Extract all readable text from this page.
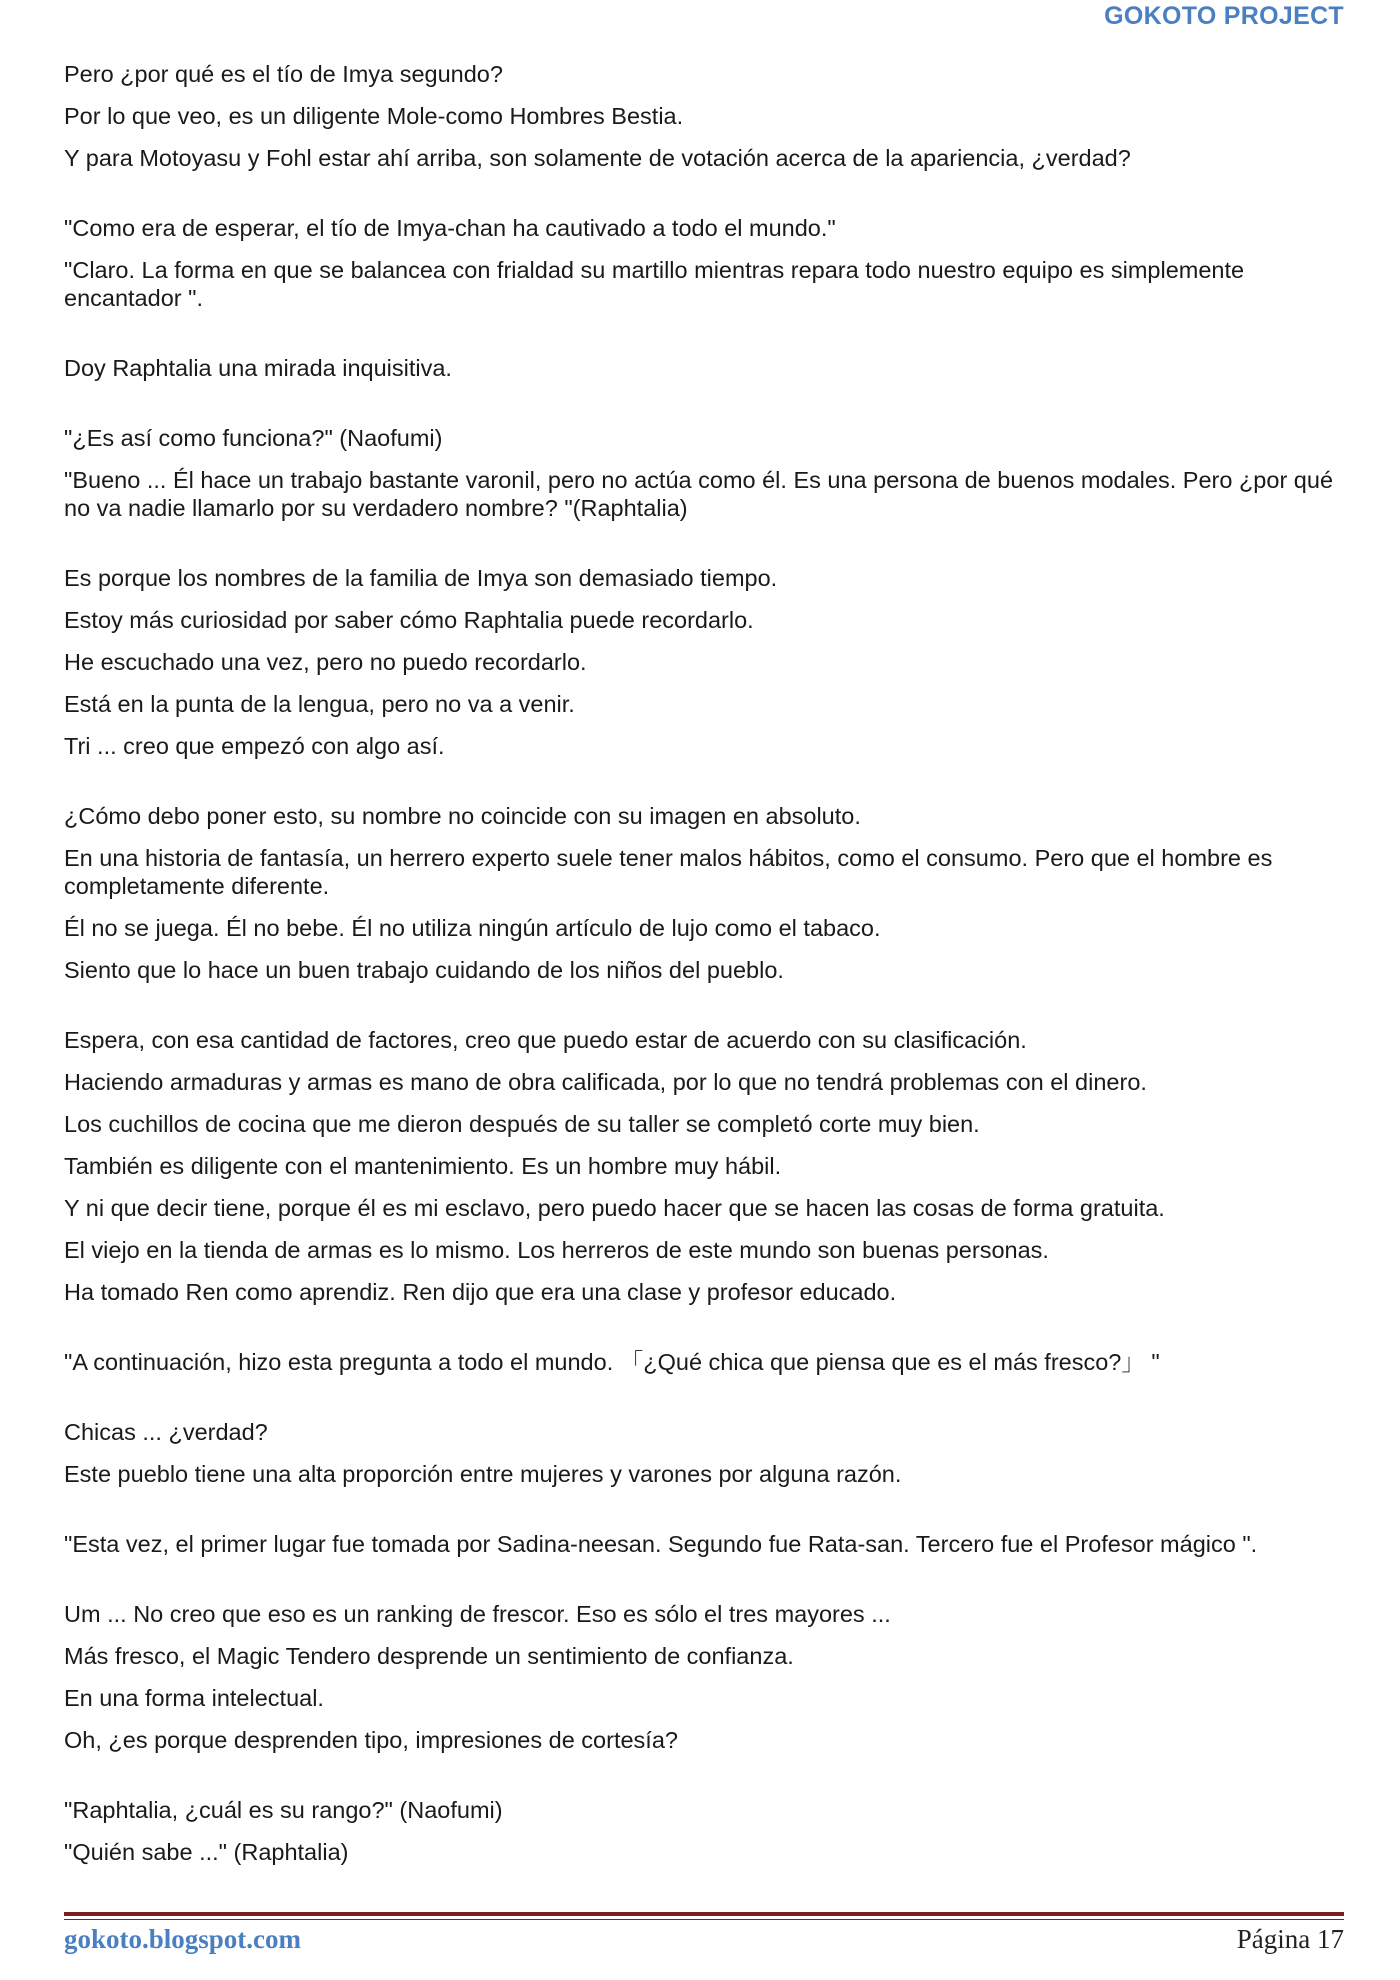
GOKOTO PROJECT

Pero ¿por qué es el tío de Imya segundo?

Por lo que veo, es un diligente Mole-como Hombres Bestia.

Y para Motoyasu y Fohl estar ahí arriba, son solamente de votación acerca de la apariencia, ¿verdad?

"Como era de esperar, el tío de Imya-chan ha cautivado a todo el mundo."

"Claro. La forma en que se balancea con frialdad su martillo mientras repara todo nuestro equipo es simplemente encantador ".

Doy Raphtalia una mirada inquisitiva.

"¿Es así como funciona?" (Naofumi)

"Bueno ... Él hace un trabajo bastante varonil, pero no actúa como él. Es una persona de buenos modales. Pero ¿por qué no va nadie llamarlo por su verdadero nombre? "(Raphtalia)

Es porque los nombres de la familia de Imya son demasiado tiempo.

Estoy más curiosidad por saber cómo Raphtalia puede recordarlo.

He escuchado una vez, pero no puedo recordarlo.

Está en la punta de la lengua, pero no va a venir.

Tri ... creo que empezó con algo así.

¿Cómo debo poner esto, su nombre no coincide con su imagen en absoluto.

En una historia de fantasía, un herrero experto suele tener malos hábitos, como el consumo. Pero que el hombre es completamente diferente.

Él no se juega. Él no bebe. Él no utiliza ningún artículo de lujo como el tabaco.

Siento que lo hace un buen trabajo cuidando de los niños del pueblo.

Espera, con esa cantidad de factores, creo que puedo estar de acuerdo con su clasificación.

Haciendo armaduras y armas es mano de obra calificada, por lo que no tendrá problemas con el dinero.

Los cuchillos de cocina que me dieron después de su taller se completó corte muy bien.

También es diligente con el mantenimiento. Es un hombre muy hábil.

Y ni que decir tiene, porque él es mi esclavo, pero puedo hacer que se hacen las cosas de forma gratuita.

El viejo en la tienda de armas es lo mismo. Los herreros de este mundo son buenas personas.

Ha tomado Ren como aprendiz. Ren dijo que era una clase y profesor educado.

"A continuación, hizo esta pregunta a todo el mundo. 「¿Qué chica que piensa que es el más fresco?」 "

Chicas ... ¿verdad?

Este pueblo tiene una alta proporción entre mujeres y varones por alguna razón.

"Esta vez, el primer lugar fue tomada por Sadina-neesan. Segundo fue Rata-san. Tercero fue el Profesor mágico ".

Um ... No creo que eso es un ranking de frescor. Eso es sólo el tres mayores ...

Más fresco, el Magic Tendero desprende un sentimiento de confianza.

En una forma intelectual.

Oh, ¿es porque desprenden tipo, impresiones de cortesía?

"Raphtalia, ¿cuál es su rango?" (Naofumi)

"Quién sabe ..." (Raphtalia)

gokoto.blogspot.com	Página 17
